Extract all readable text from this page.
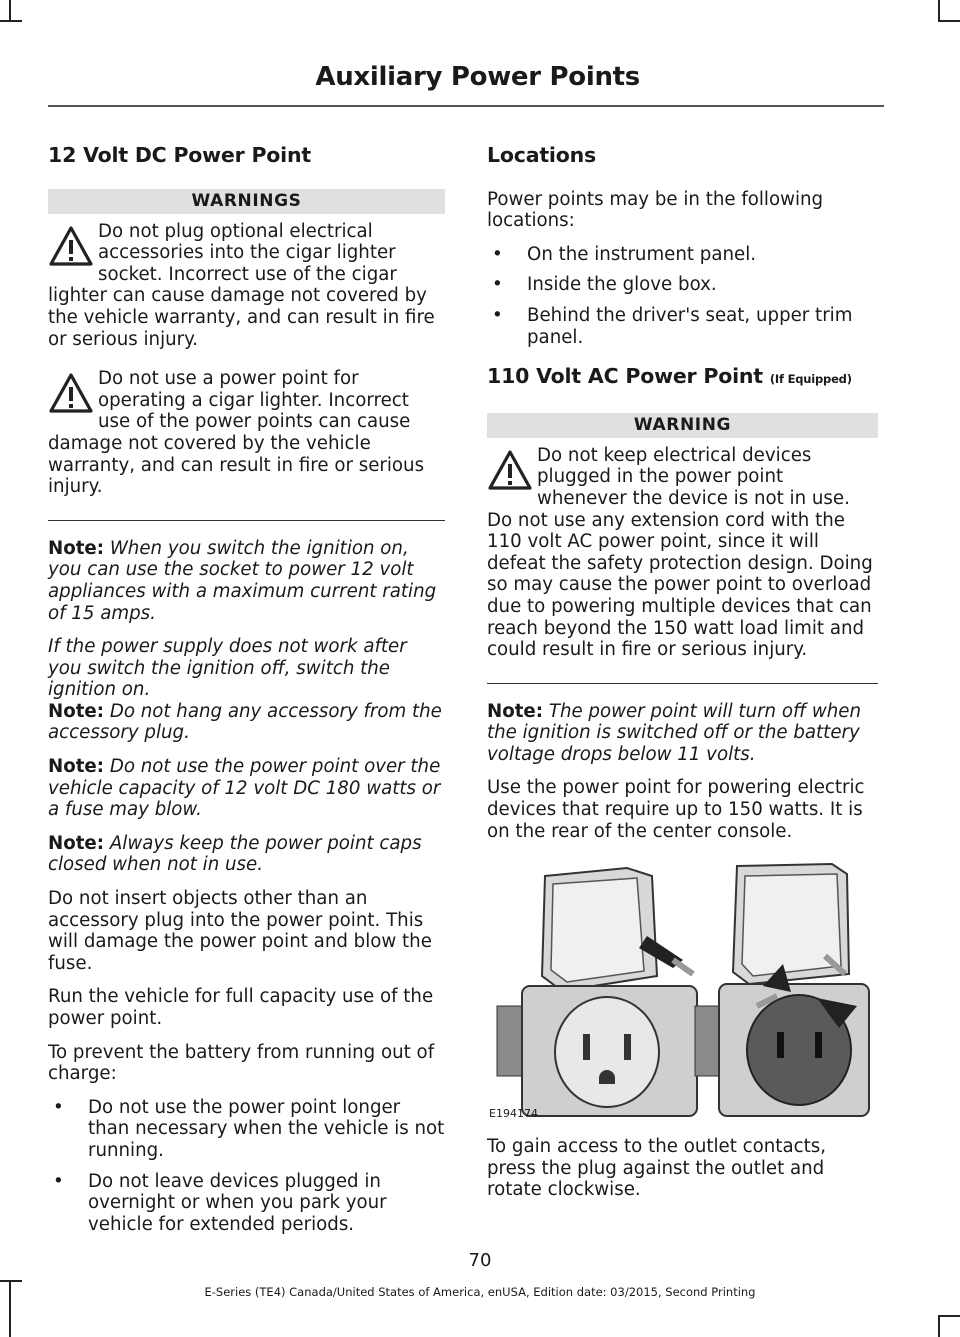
Auxiliary Power Points
12 Volt DC Power Point
WARNINGS

Do not plug optional electrical accessories into the cigar lighter socket. Incorrect use of the cigar lighter can cause damage not covered by the vehicle warranty, and can result in fire or serious injury.

Do not use a power point for operating a cigar lighter. Incorrect use of the power points can cause damage not covered by the vehicle warranty, and can result in fire or serious injury.

Note: When you switch the ignition on, you can use the socket to power 12 volt appliances with a maximum current rating of 15 amps.

If the power supply does not work after you switch the ignition off, switch the ignition on.

Note: Do not hang any accessory from the accessory plug.

Note: Do not use the power point over the vehicle capacity of 12 volt DC 180 watts or a fuse may blow.

Note: Always keep the power point caps closed when not in use.

Do not insert objects other than an accessory plug into the power point. This will damage the power point and blow the fuse.

Run the vehicle for full capacity use of the power point.

To prevent the battery from running out of charge:

• Do not use the power point longer than necessary when the vehicle is not running.
• Do not leave devices plugged in overnight or when you park your vehicle for extended periods.
Locations

Power points may be in the following locations:

• On the instrument panel.
• Inside the glove box.
• Behind the driver's seat, upper trim panel.
110 Volt AC Power Point (If Equipped)
WARNING

Do not keep electrical devices plugged in the power point whenever the device is not in use. Do not use any extension cord with the 110 volt AC power point, since it will defeat the safety protection design. Doing so may cause the power point to overload due to powering multiple devices that can reach beyond the 150 watt load limit and could result in fire or serious injury.

Note: The power point will turn off when the ignition is switched off or the battery voltage drops below 11 volts.

Use the power point for powering electric devices that require up to 150 watts. It is on the rear of the center console.

E194174

To gain access to the outlet contacts, press the plug against the outlet and rotate clockwise.

70
E-Series (TE4) Canada/United States of America, enUSA, Edition date: 03/2015, Second Printing
